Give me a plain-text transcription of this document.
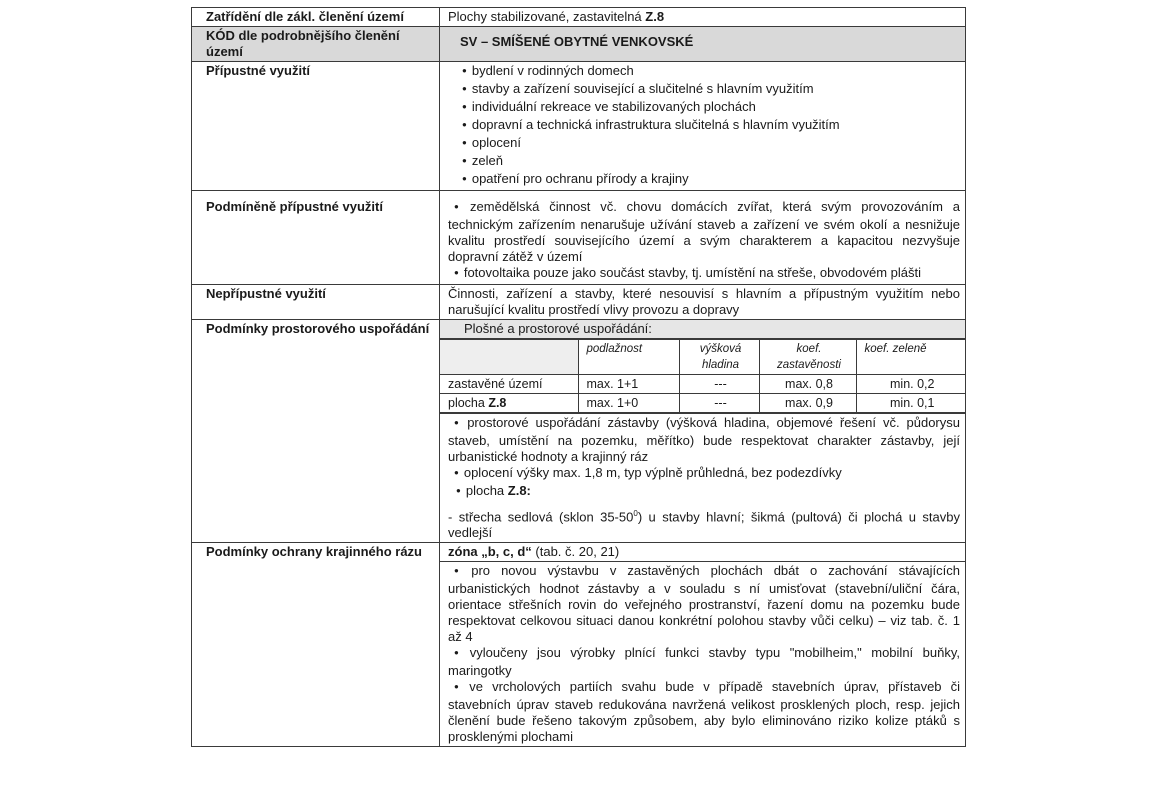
Zatřídění dle zákl. členění území	Plochy stabilizované, zastavitelná Z.8
KÓD dle podrobnějšího členění území	
SV – SMÍŠENÉ OBYTNÉ VENKOVSKÉ

Přípustné využití	
●bydlení v rodinných domech
● stavby a zařízení související a slučitelné s hlavním využitím
● individuální rekreace ve stabilizovaných plochách
● dopravní a technická infrastruktura slučitelná s hlavním využitím
● oplocení
● zeleň
● opatření pro ochranu přírody a krajiny

Podmíněně přípustné využití	
●zemědělská činnost vč. chovu domácích zvířat, která svým provozováním a technickým zařízením nenarušuje užívání staveb a zařízení ve svém okolí a nesnižuje kvalitu prostředí souvisejícího území a svým charakterem a kapacitou nezvyšuje dopravní zátěž v území
● fotovoltaika pouze jako součást stavby, tj. umístění na střeše, obvodovém plášti

Nepřípustné využití	Činnosti, zařízení a stavby, které nesouvisí s hlavním a přípustným využitím nebo narušující kvalitu prostředí vlivy provozu a dopravy
Podmínky prostorového uspořádání	Plošné a prostorové uspořádání:
	podlažnost	výšková hladina	koef. zastavěnosti	koef. zeleně
zastavěné území	max. 1+1	---	max. 0,8	min. 0,2
plocha Z.8	max. 1+0	---	max. 0,9	min. 0,1
● prostorové uspořádání zástavby (výšková hladina, objemové řešení vč. půdorysu staveb, umístění na pozemku, měřítko) bude respektovat charakter zástavby, její urbanistické hodnoty a krajinný ráz
● oplocení výšky max. 1,8 m, typ výplně průhledná, bez podezdívky
● plocha Z.8:
- střecha sedlová (sklon $35-50^0$) u stavby hlavní; šikmá (pultová) či plochá u stavby vedlejší

Podmínky ochrany krajinného rázu	zóna „b, c, d“ (tab. č. 20, 21)
● pro novou výstavbu v zastavěných plochách dbát o zachování stávajících urbanistických hodnot zástavby a v souladu s ní umisťovat (stavební/uliční čára, orientace střešních rovin do veřejného prostranství, řazení domu na pozemku bude respektovat celkovou situaci danou konkrétní polohou stavby vůči celku) – viz tab. č. 1 až 4
● vyloučeny jsou výrobky plnící funkci stavby typu "mobilheim," mobilní buňky, maringotky
● ve vrcholových partiích svahu bude v případě stavebních úprav, přístaveb či stavebních úprav staveb redukována navržená velikost prosklených ploch, resp. jejich členění bude řešeno takovým způsobem, aby bylo eliminováno riziko kolize ptáků s prosklenými plochami
